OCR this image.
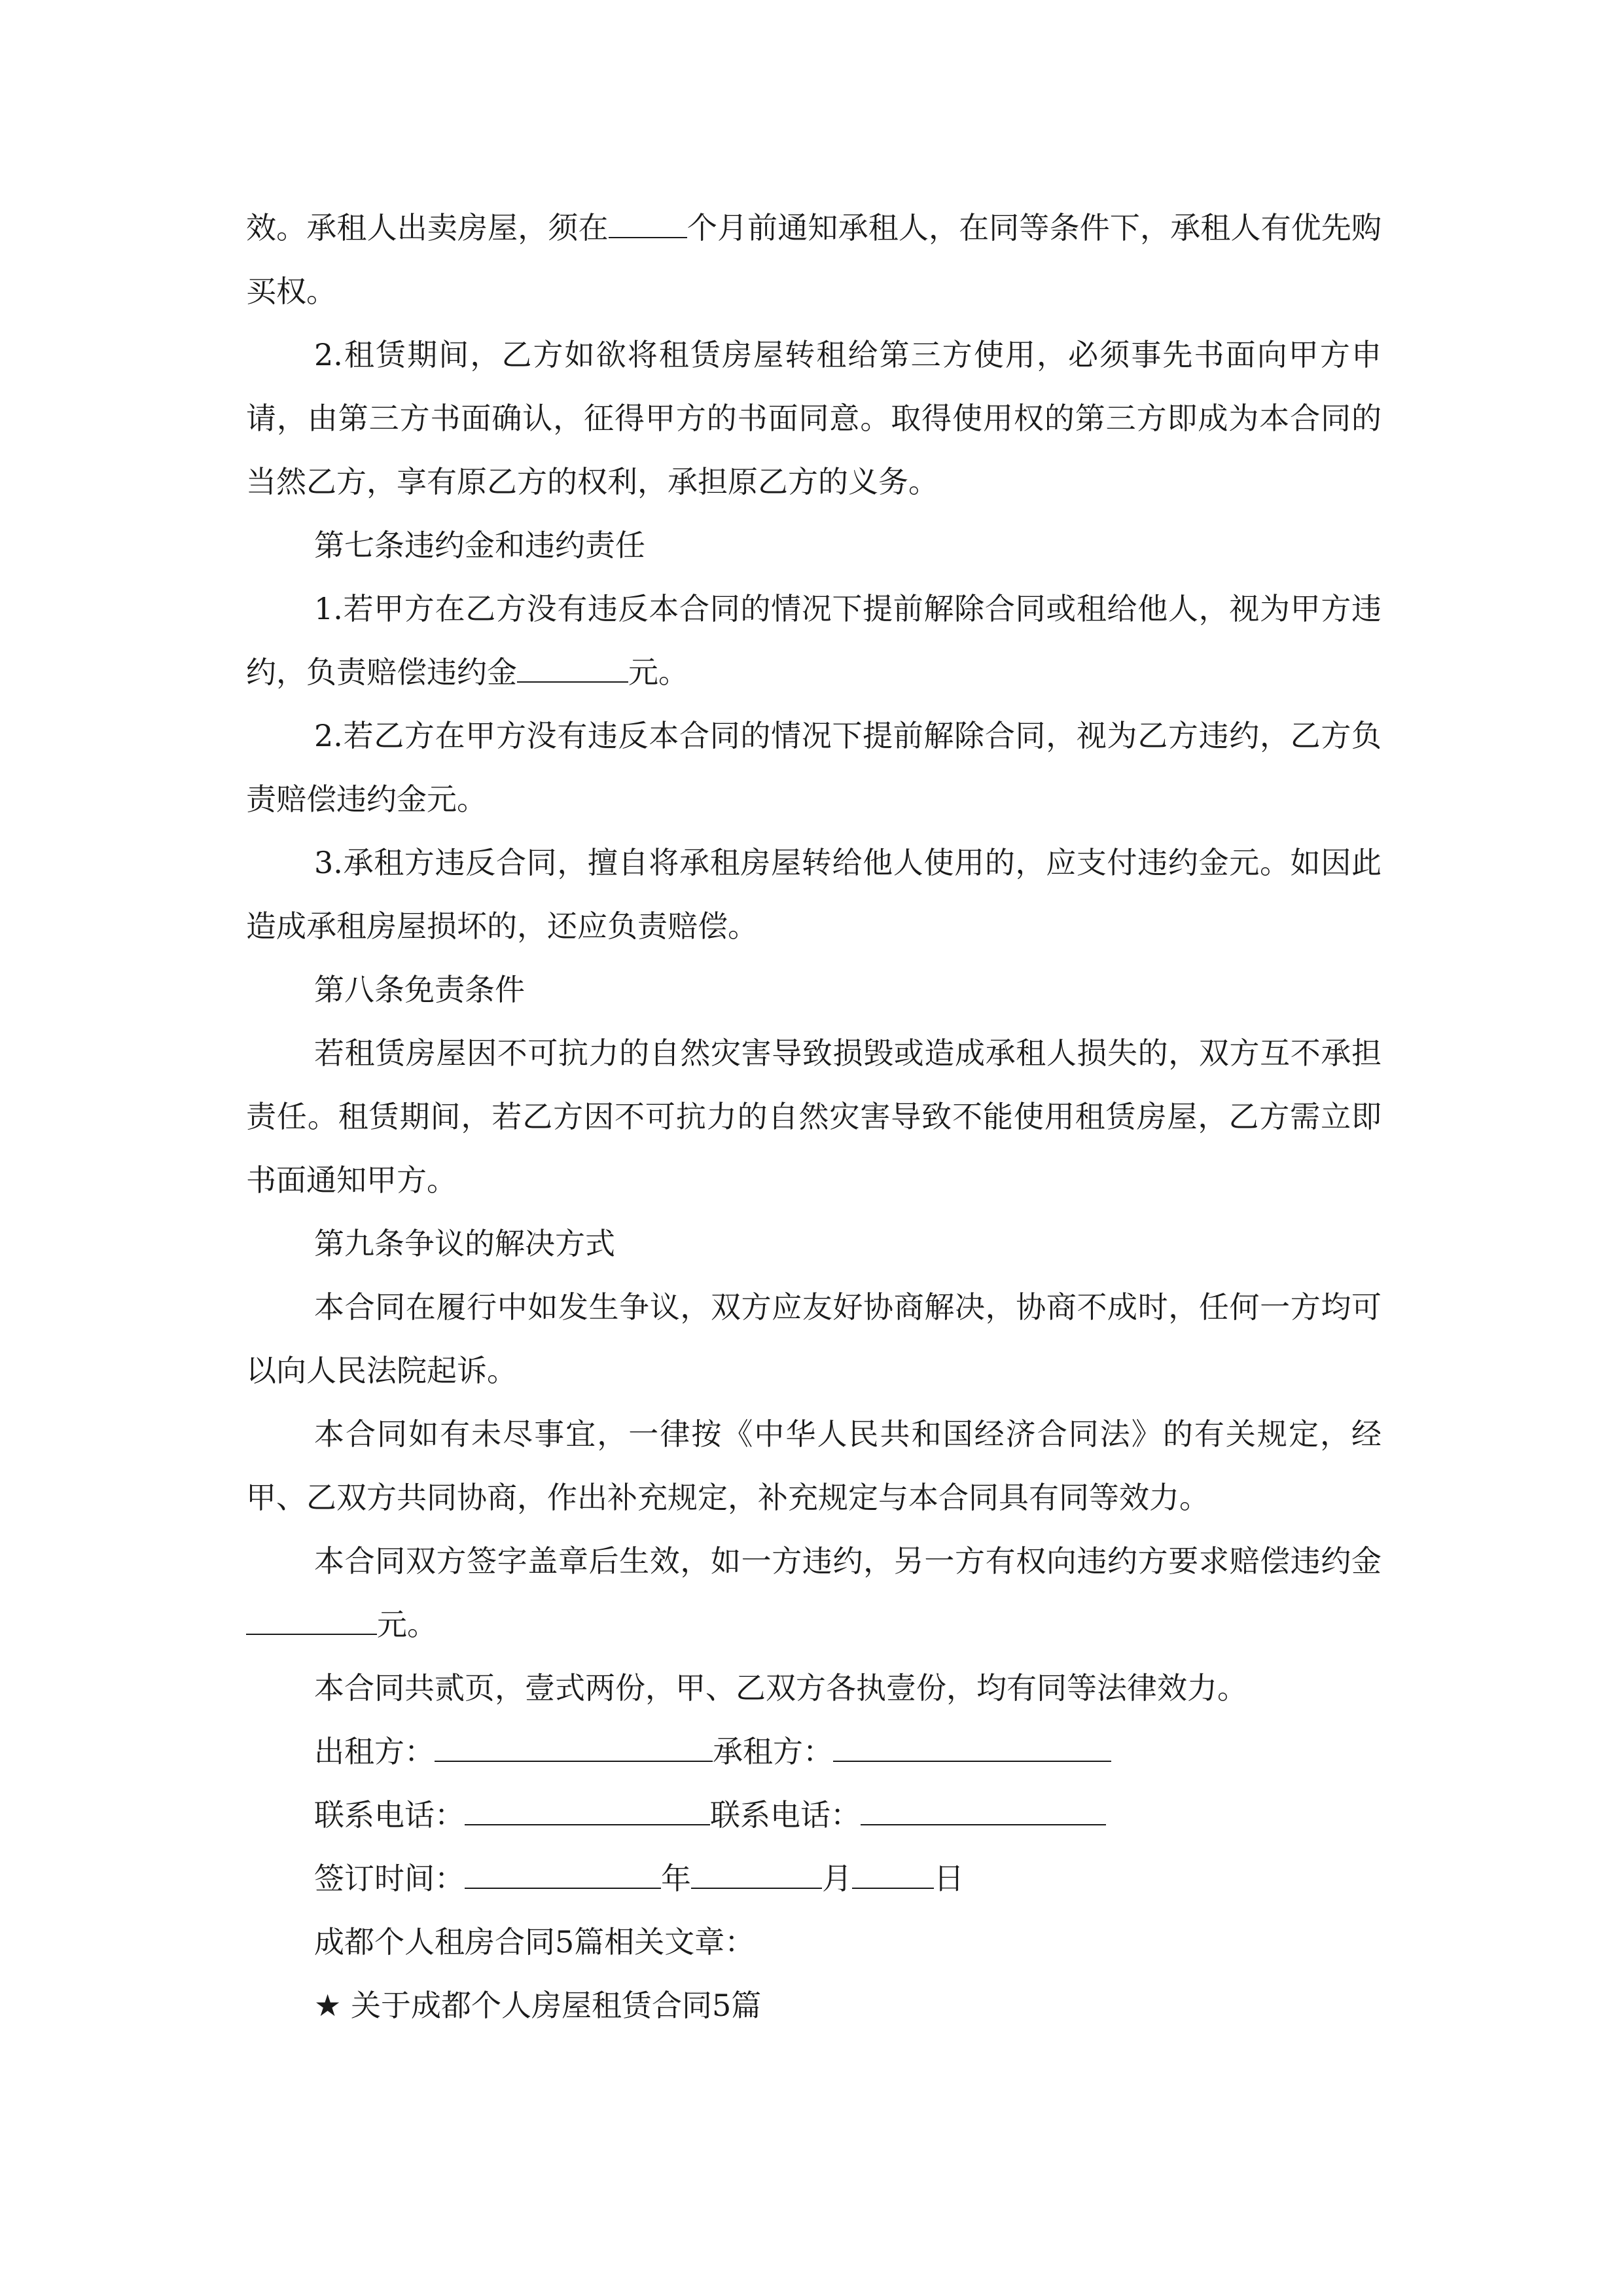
效。承租人出卖房屋，须在	个月前通知承租人，在同等条件下，承租人有优先购买权。

2.租赁期间，乙方如欲将租赁房屋转租给第三方使用，必须事先书面向甲方申请，由第三方书面确认，征得甲方的书面同意。取得使用权的第三方即成为本合同的当然乙方，享有原乙方的权利，承担原乙方的义务。

第七条违约金和违约责任

1.若甲方在乙方没有违反本合同的情况下提前解除合同或租给他人，视为甲方违约，负责赔偿违约金	元。

2.若乙方在甲方没有违反本合同的情况下提前解除合同，视为乙方违约，乙方负责赔偿违约金元。

3.承租方违反合同，擅自将承租房屋转给他人使用的，应支付违约金元。如因此造成承租房屋损坏的，还应负责赔偿。

第八条免责条件

若租赁房屋因不可抗力的自然灾害导致损毁或造成承租人损失的，双方互不承担责任。租赁期间，若乙方因不可抗力的自然灾害导致不能使用租赁房屋，乙方需立即书面通知甲方。

第九条争议的解决方式

本合同在履行中如发生争议，双方应友好协商解决，协商不成时，任何一方均可以向人民法院起诉。

本合同如有未尽事宜，一律按《中华人民共和国经济合同法》的有关规定，经甲、乙双方共同协商，作出补充规定，补充规定与本合同具有同等效力。

本合同双方签字盖章后生效，如一方违约，另一方有权向违约方要求赔偿违约金元。

本合同共贰页，壹式两份，甲、乙双方各执壹份，均有同等法律效力。

出租方：	承租方：

联系电话：	联系电话：

签订时间：	年	月	日

成都个人租房合同5篇相关文章：

★ 关于成都个人房屋租赁合同5篇
